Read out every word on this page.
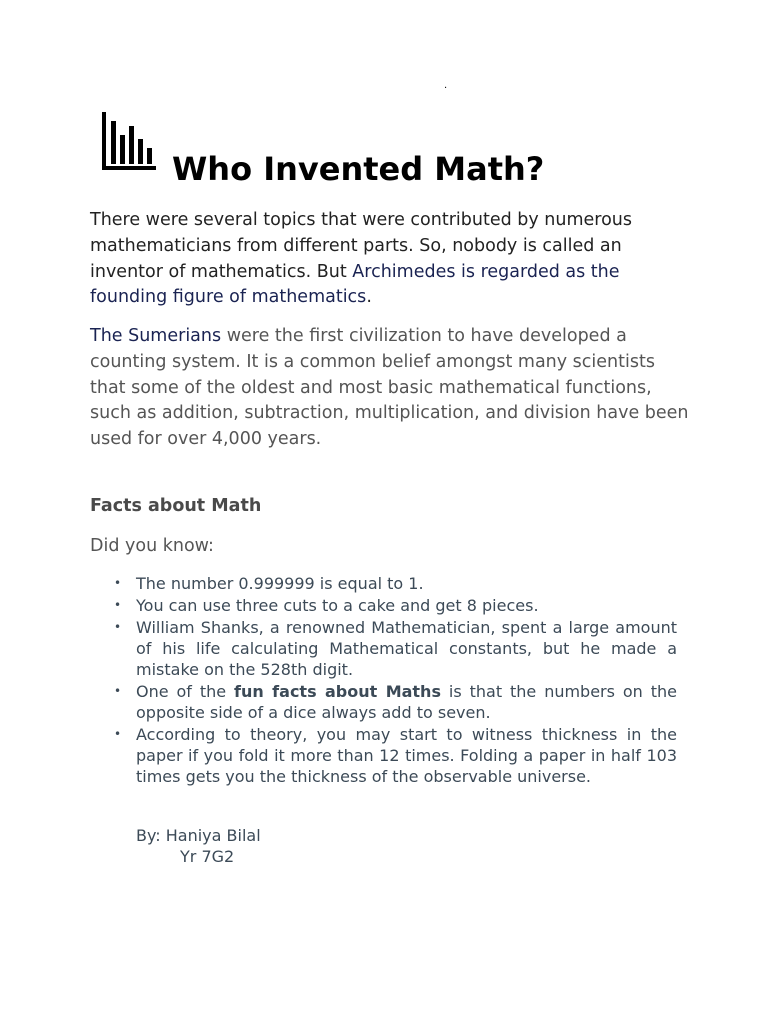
.
Who Invented Math?

There were several topics that were contributed by numerous mathematicians from different parts. So, nobody is called an inventor of mathematics. But Archimedes is regarded as the founding figure of mathematics.

The Sumerians were the first civilization to have developed a counting system. It is a common belief amongst many scientists that some of the oldest and most basic mathematical functions, such as addition, subtraction, multiplication, and division have been used for over 4,000 years.

Facts about Math

Did you know:

• The number 0.999999 is equal to 1.
• You can use three cuts to a cake and get 8 pieces.
• William Shanks, a renowned Mathematician, spent a large amount of his life calculating Mathematical constants, but he made a mistake on the 528th digit.
• One of the fun facts about Maths is that the numbers on the opposite side of a dice always add to seven.
• According to theory, you may start to witness thickness in the paper if you fold it more than 12 times. Folding a paper in half 103 times gets you the thickness of the observable universe.
By: Haniya Bilal
Yr 7G2
